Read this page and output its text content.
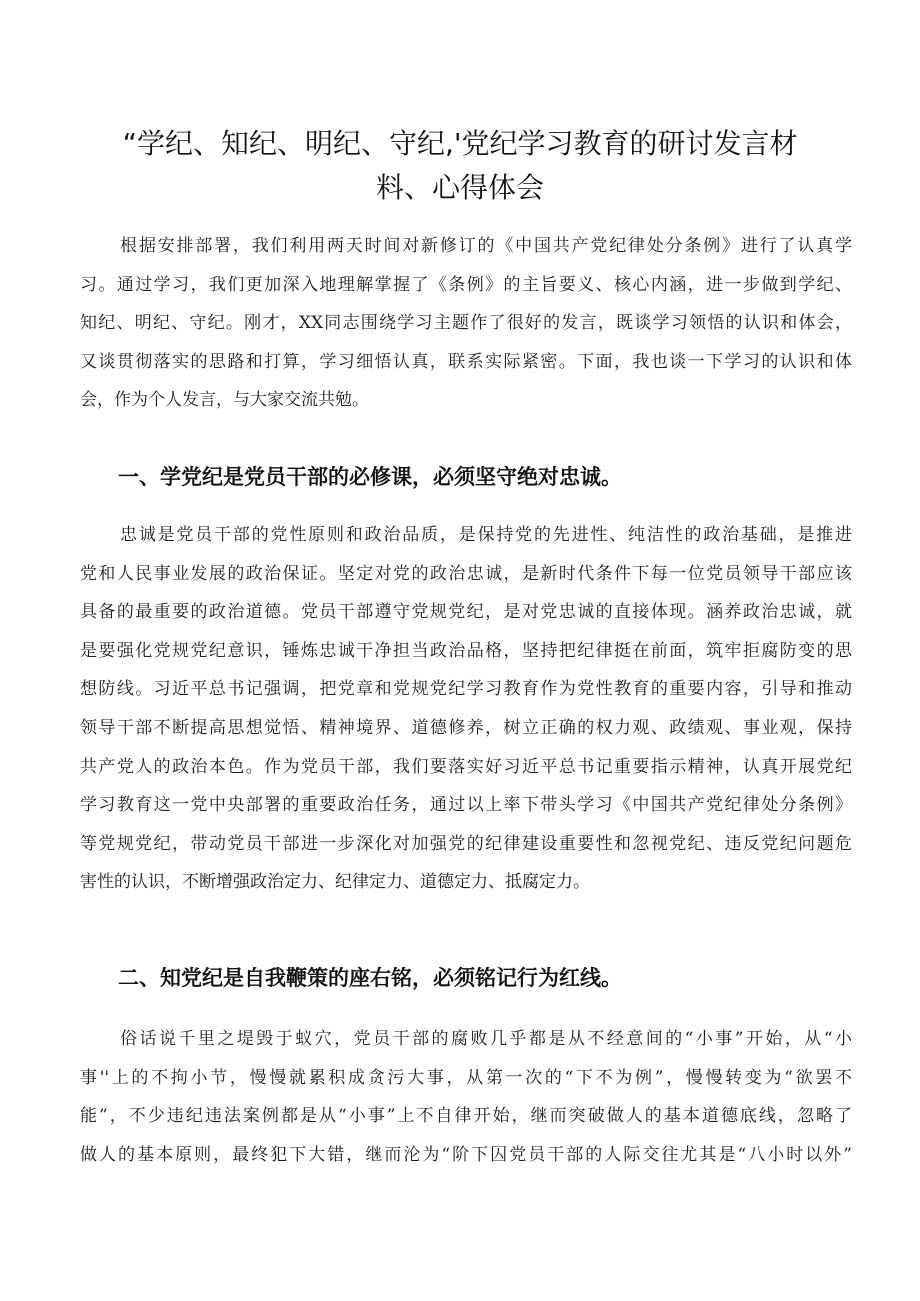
“学纪、知纪、明纪、守纪,'党纪学习教育的研讨发言材
料、心得体会
根据安排部署，我们利用两天时间对新修订的《中国共产党纪律处分条例》进行了认真学
习。通过学习，我们更加深入地理解掌握了《条例》的主旨要义、核心内涵，进一步做到学纪、
知纪、明纪、守纪。刚才，XX同志围绕学习主题作了很好的发言，既谈学习领悟的认识和体会，
又谈贯彻落实的思路和打算，学习细悟认真，联系实际紧密。下面，我也谈一下学习的认识和体
会，作为个人发言，与大家交流共勉。
一、学党纪是党员干部的必修课，必须坚守绝对忠诚。
忠诚是党员干部的党性原则和政治品质，是保持党的先进性、纯洁性的政治基础，是推进
党和人民事业发展的政治保证。坚定对党的政治忠诚，是新时代条件下每一位党员领导干部应该
具备的最重要的政治道德。党员干部遵守党规党纪，是对党忠诚的直接体现。涵养政治忠诚，就
是要强化党规党纪意识，锤炼忠诚干净担当政治品格，坚持把纪律挺在前面，筑牢拒腐防变的思
想防线。习近平总书记强调，把党章和党规党纪学习教育作为党性教育的重要内容，引导和推动
领导干部不断提高思想觉悟、精神境界、道德修养，树立正确的权力观、政绩观、事业观，保持
共产党人的政治本色。作为党员干部，我们要落实好习近平总书记重要指示精神，认真开展党纪
学习教育这一党中央部署的重要政治任务，通过以上率下带头学习《中国共产党纪律处分条例》
等党规党纪，带动党员干部进一步深化对加强党的纪律建设重要性和忽视党纪、违反党纪问题危
害性的认识，不断增强政治定力、纪律定力、道德定力、抵腐定力。
二、知党纪是自我鞭策的座右铭，必须铭记行为红线。
俗话说千里之堤毁于蚁穴，党员干部的腐败几乎都是从不经意间的“小事”开始，从“小
事''上的不拘小节，慢慢就累积成贪污大事，从第一次的“下不为例”，慢慢转变为“欲罢不
能”，不少违纪违法案例都是从“小事”上不自律开始，继而突破做人的基本道德底线，忽略了
做人的基本原则，最终犯下大错，继而沦为“阶下囚党员干部的人际交往尤其是“八小时以外”
